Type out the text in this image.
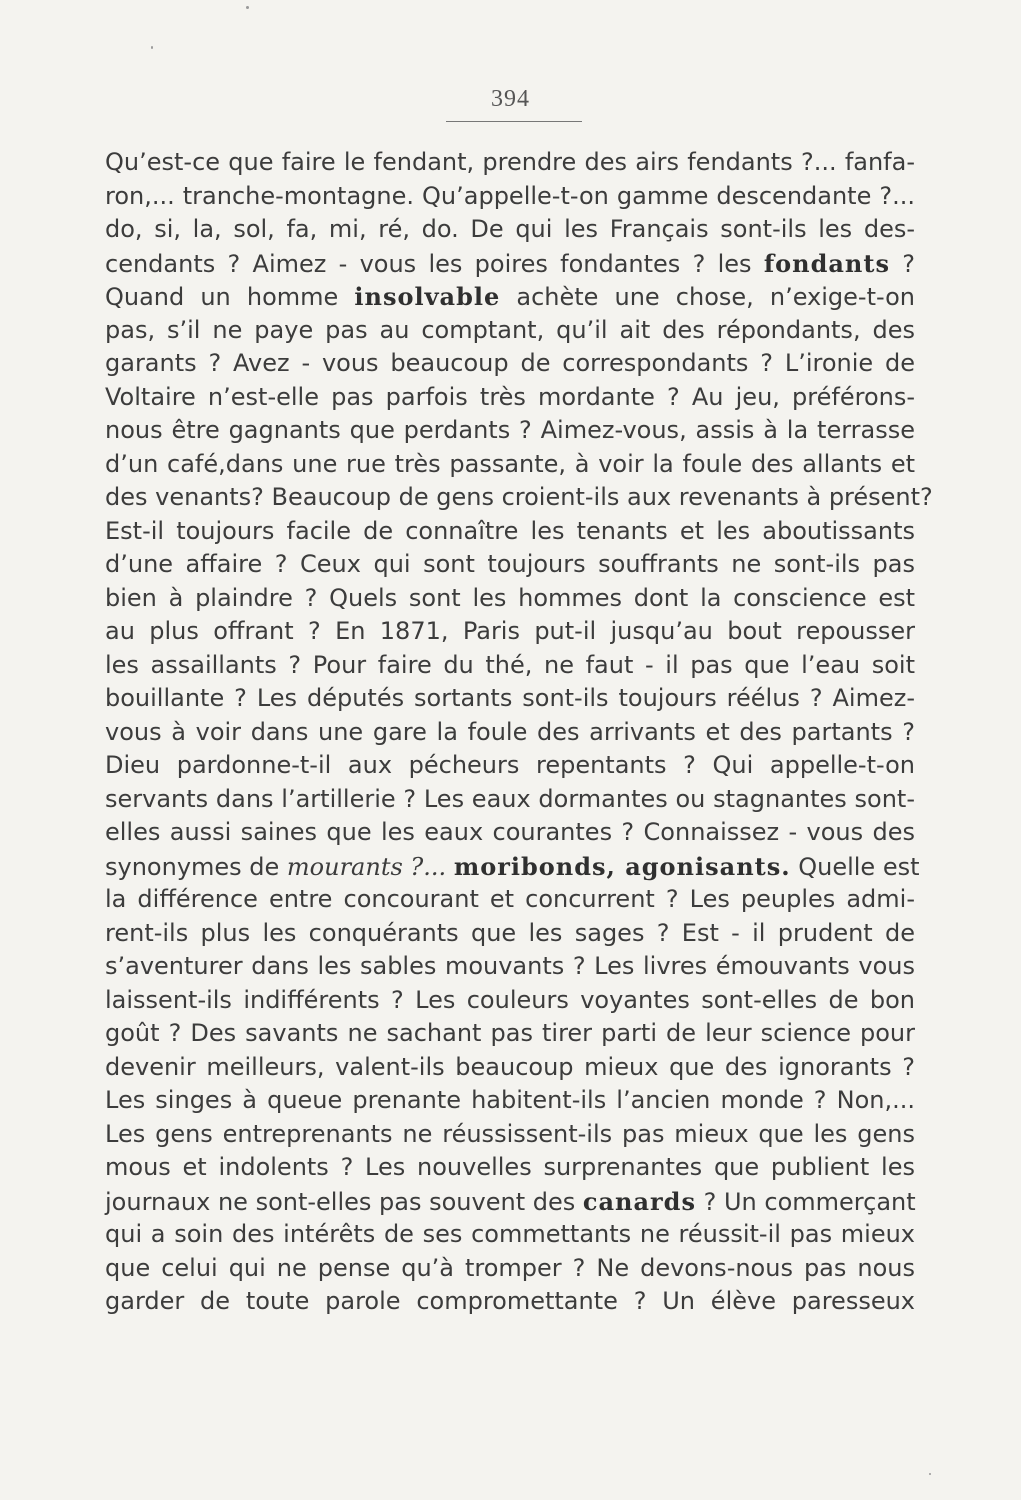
394
Qu’est-ce que faire le fendant, prendre des airs fendants ?... fanfa-
ron,... tranche-montagne. Qu’appelle-t-on gamme descendante ?...
do, si, la, sol, fa, mi, ré, do. De qui les Français sont-ils les des-
cendants ? Aimez - vous les poires fondantes ? les fondants ?
Quand un homme insolvable achète une chose, n’exige-t-on
pas, s’il ne paye pas au comptant, qu’il ait des répondants, des
garants ? Avez - vous beaucoup de correspondants ? L’ironie de
Voltaire n’est-elle pas parfois très mordante ? Au jeu, préférons-
nous être gagnants que perdants ? Aimez-vous, assis à la terrasse
d’un café,dans une rue très passante, à voir la foule des allants et
des venants? Beaucoup de gens croient-ils aux revenants à présent?
Est-il toujours facile de connaître les tenants et les aboutissants
d’une affaire ? Ceux qui sont toujours souffrants ne sont-ils pas
bien à plaindre ? Quels sont les hommes dont la conscience est
au plus offrant ? En 1871, Paris put-il jusqu’au bout repousser
les assaillants ? Pour faire du thé, ne faut - il pas que l’eau soit
bouillante ? Les députés sortants sont-ils toujours réélus ? Aimez-
vous à voir dans une gare la foule des arrivants et des partants ?
Dieu pardonne-t-il aux pécheurs repentants ? Qui appelle-t-on
servants dans l’artillerie ? Les eaux dormantes ou stagnantes sont-
elles aussi saines que les eaux courantes ? Connaissez - vous des
synonymes de mourants ?... moribonds, agonisants. Quelle est
la différence entre concourant et concurrent ? Les peuples admi-
rent-ils plus les conquérants que les sages ? Est - il prudent de
s’aventurer dans les sables mouvants ? Les livres émouvants vous
laissent-ils indifférents ? Les couleurs voyantes sont-elles de bon
goût ? Des savants ne sachant pas tirer parti de leur science pour
devenir meilleurs, valent-ils beaucoup mieux que des ignorants ?
Les singes à queue prenante habitent-ils l’ancien monde ? Non,...
Les gens entreprenants ne réussissent-ils pas mieux que les gens
mous et indolents ? Les nouvelles surprenantes que publient les
journaux ne sont-elles pas souvent des canards ? Un commerçant
qui a soin des intérêts de ses commettants ne réussit-il pas mieux
que celui qui ne pense qu’à tromper ? Ne devons-nous pas nous
garder de toute parole compromettante ? Un élève paresseux
